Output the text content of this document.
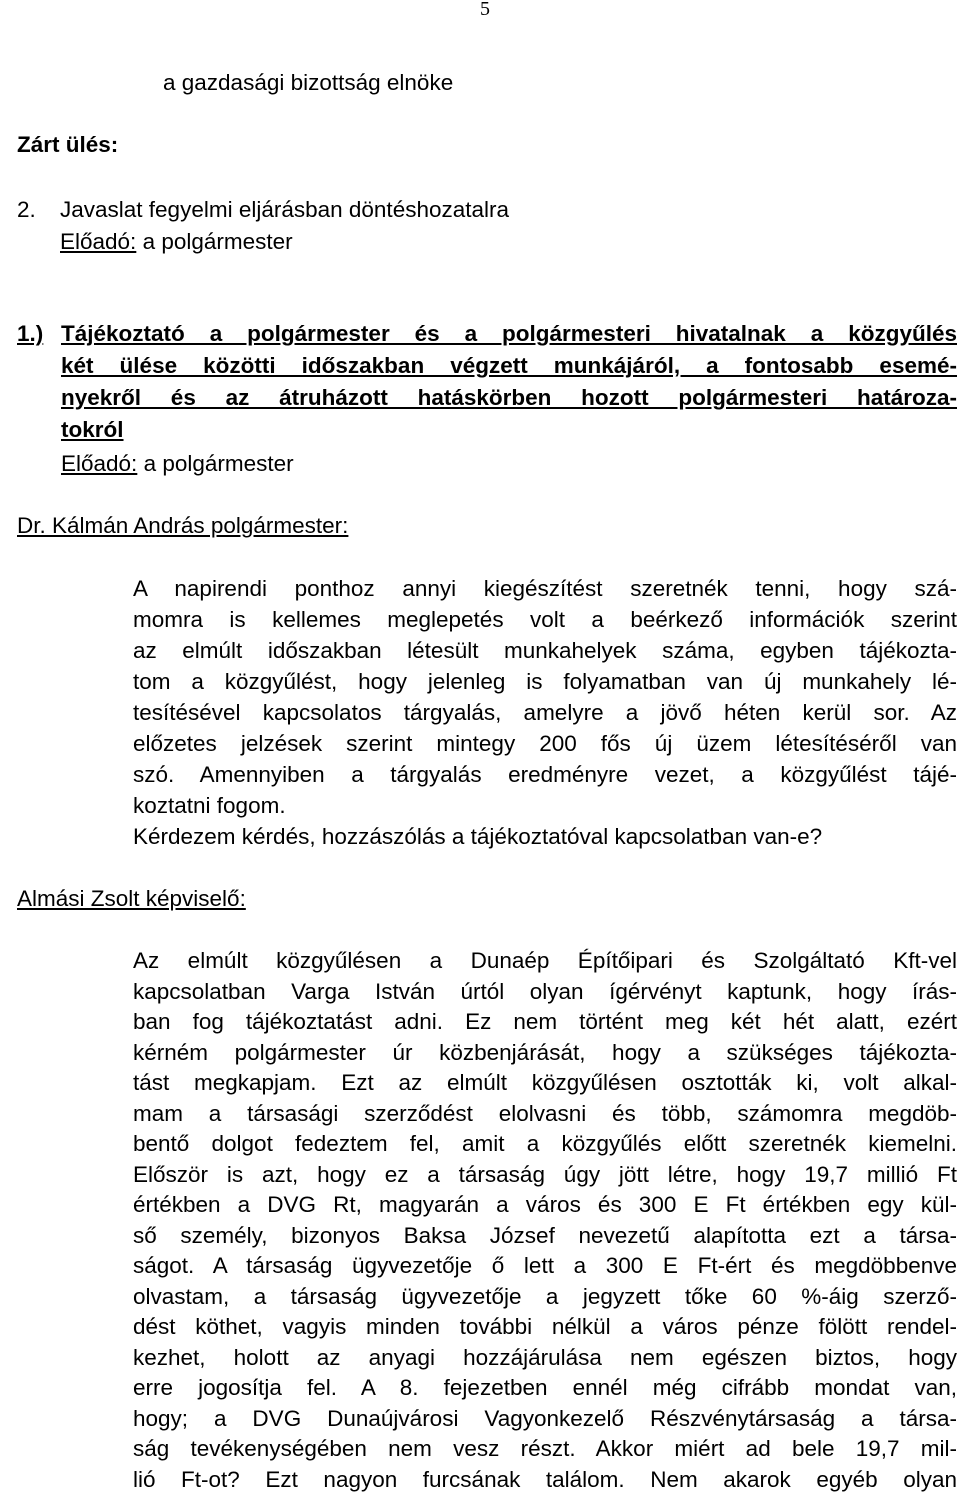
5
a gazdasági bizottság elnöke
Zárt ülés:
2. Javaslat fegyelmi eljárásban döntéshozatalra
Előadó: a polgármester
1.) Tájékoztató a polgármester és a polgármesteri hivatalnak a közgyűlés
két ülése közötti időszakban végzett munkájáról, a fontosabb esemé-
nyekről és az átruházott hatáskörben hozott polgármesteri határoza-
tokról
Előadó: a polgármester
Dr. Kálmán András polgármester:
A napirendi ponthoz annyi kiegészítést szeretnék tenni, hogy szá-
momra is kellemes meglepetés volt a beérkező információk szerint
az elmúlt időszakban létesült munkahelyek száma, egyben tájékozta-
tom a közgyűlést, hogy jelenleg is folyamatban van új munkahely lé-
tesítésével kapcsolatos tárgyalás, amelyre a jövő héten kerül sor. Az
előzetes jelzések szerint mintegy 200 fős új üzem létesítéséről van
szó. Amennyiben a tárgyalás eredményre vezet, a közgyűlést tájé-
koztatni fogom.
Kérdezem kérdés, hozzászólás a tájékoztatóval kapcsolatban van-e?
Almási Zsolt képviselő:
Az elmúlt közgyűlésen a Dunaép Építőipari és Szolgáltató Kft-vel
kapcsolatban Varga István úrtól olyan ígérvényt kaptunk, hogy írás-
ban fog tájékoztatást adni. Ez nem történt meg két hét alatt, ezért
kérném polgármester úr közbenjárását, hogy a szükséges tájékozta-
tást megkapjam. Ezt az elmúlt közgyűlésen osztották ki, volt alkal-
mam a társasági szerződést elolvasni és több, számomra megdöb-
bentő dolgot fedeztem fel, amit a közgyűlés előtt szeretnék kiemelni.
Először is azt, hogy ez a társaság úgy jött létre, hogy 19,7 millió Ft
értékben a DVG Rt, magyarán a város és 300 E Ft értékben egy kül-
ső személy, bizonyos Baksa József nevezetű alapította ezt a társa-
ságot. A társaság ügyvezetője ő lett a 300 E Ft-ért és megdöbbenve
olvastam, a társaság ügyvezetője a jegyzett tőke 60 %-áig szerző-
dést köthet, vagyis minden további nélkül a város pénze fölött rendel-
kezhet, holott az anyagi hozzájárulása nem egészen biztos, hogy
erre jogosítja fel. A 8. fejezetben ennél még cifrább mondat van,
hogy; a DVG Dunaújvárosi Vagyonkezelő Részvénytársaság a társa-
ság tevékenységében nem vesz részt. Akkor miért ad bele 19,7 mil-
lió Ft-ot? Ezt nagyon furcsának találom. Nem akarok egyéb olyan
